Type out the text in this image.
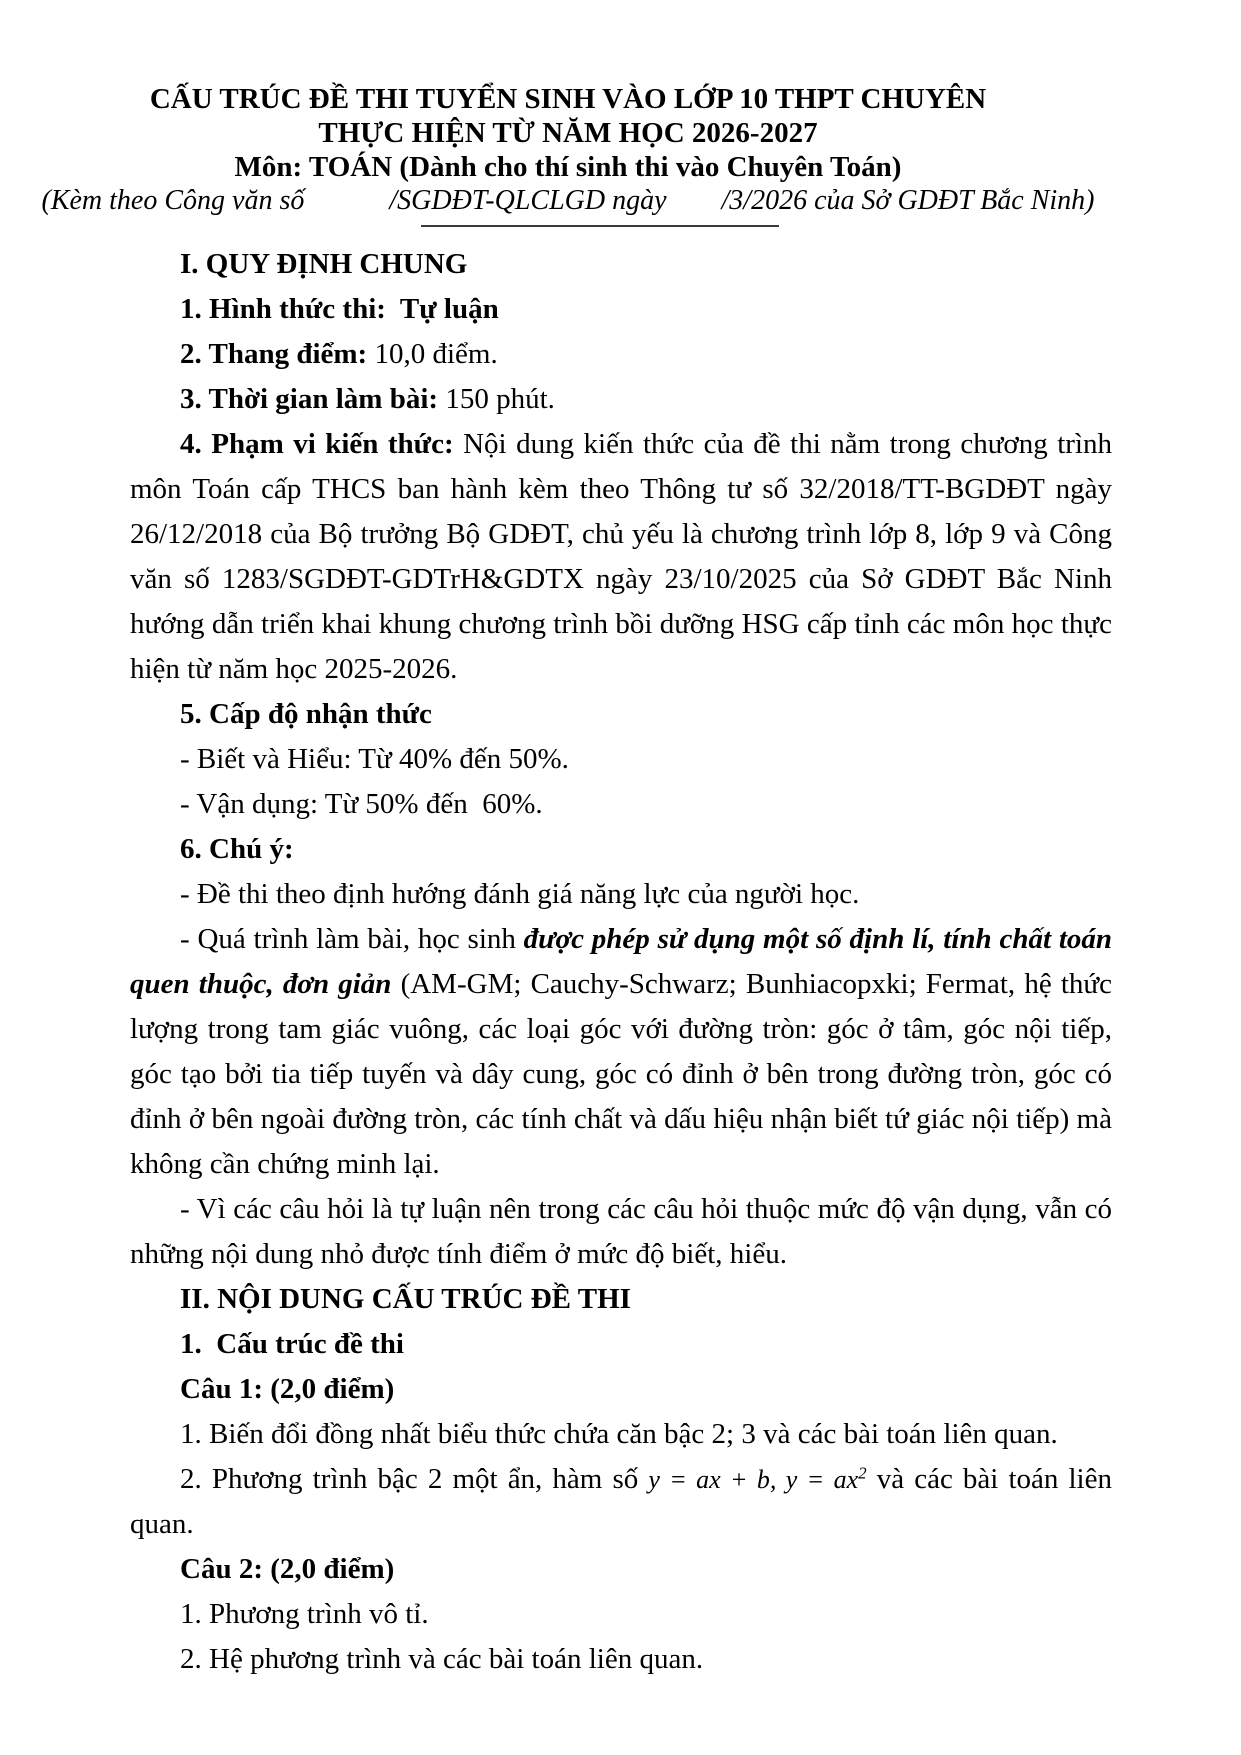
CẤU TRÚC ĐỀ THI TUYỂN SINH VÀO LỚP 10 THPT CHUYÊN
THỰC HIỆN TỪ NĂM HỌC 2026-2027
Môn: TOÁN (Dành cho thí sinh thi vào Chuyên Toán)
(Kèm theo Công văn số	/SGDĐT-QLCLGD ngày /3/2026 của Sở GDĐT Bắc Ninh)

I. QUY ĐỊNH CHUNG

1. Hình thức thi:  Tự luận

2. Thang điểm: 10,0 điểm.

3. Thời gian làm bài: 150 phút.

4. Phạm vi kiến thức: Nội dung kiến thức của đề thi nằm trong chương trình môn Toán cấp THCS ban hành kèm theo Thông tư số 32/2018/TT-BGDĐT ngày 26/12/2018 của Bộ trưởng Bộ GDĐT, chủ yếu là chương trình lớp 8, lớp 9 và Công văn số 1283/SGDĐT-GDTrH&GDTX ngày 23/10/2025 của Sở GDĐT Bắc Ninh hướng dẫn triển khai khung chương trình bồi dưỡng HSG cấp tỉnh các môn học thực hiện từ năm học 2025-2026.

5. Cấp độ nhận thức

- Biết và Hiểu: Từ 40% đến 50%.

- Vận dụng: Từ 50% đến  60%.

6. Chú ý:

- Đề thi theo định hướng đánh giá năng lực của người học.

- Quá trình làm bài, học sinh được phép sử dụng một số định lí, tính chất toán quen thuộc, đơn giản (AM-GM; Cauchy-Schwarz; Bunhiacopxki; Fermat, hệ thức lượng trong tam giác vuông, các loại góc với đường tròn: góc ở tâm, góc nội tiếp, góc tạo bởi tia tiếp tuyến và dây cung, góc có đỉnh ở bên trong đường tròn, góc có đỉnh ở bên ngoài đường tròn, các tính chất và dấu hiệu nhận biết tứ giác nội tiếp) mà không cần chứng minh lại.

- Vì các câu hỏi là tự luận nên trong các câu hỏi thuộc mức độ vận dụng, vẫn có những nội dung nhỏ được tính điểm ở mức độ biết, hiểu.

II. NỘI DUNG CẤU TRÚC ĐỀ THI

1.  Cấu trúc đề thi

Câu 1: (2,0 điểm)

1. Biến đổi đồng nhất biểu thức chứa căn bậc 2; 3 và các bài toán liên quan.

2. Phương trình bậc 2 một ẩn, hàm số y = ax + b, $y = ax^2$ và các bài toán liên quan.

Câu 2: (2,0 điểm)

1. Phương trình vô tỉ.

2. Hệ phương trình và các bài toán liên quan.
